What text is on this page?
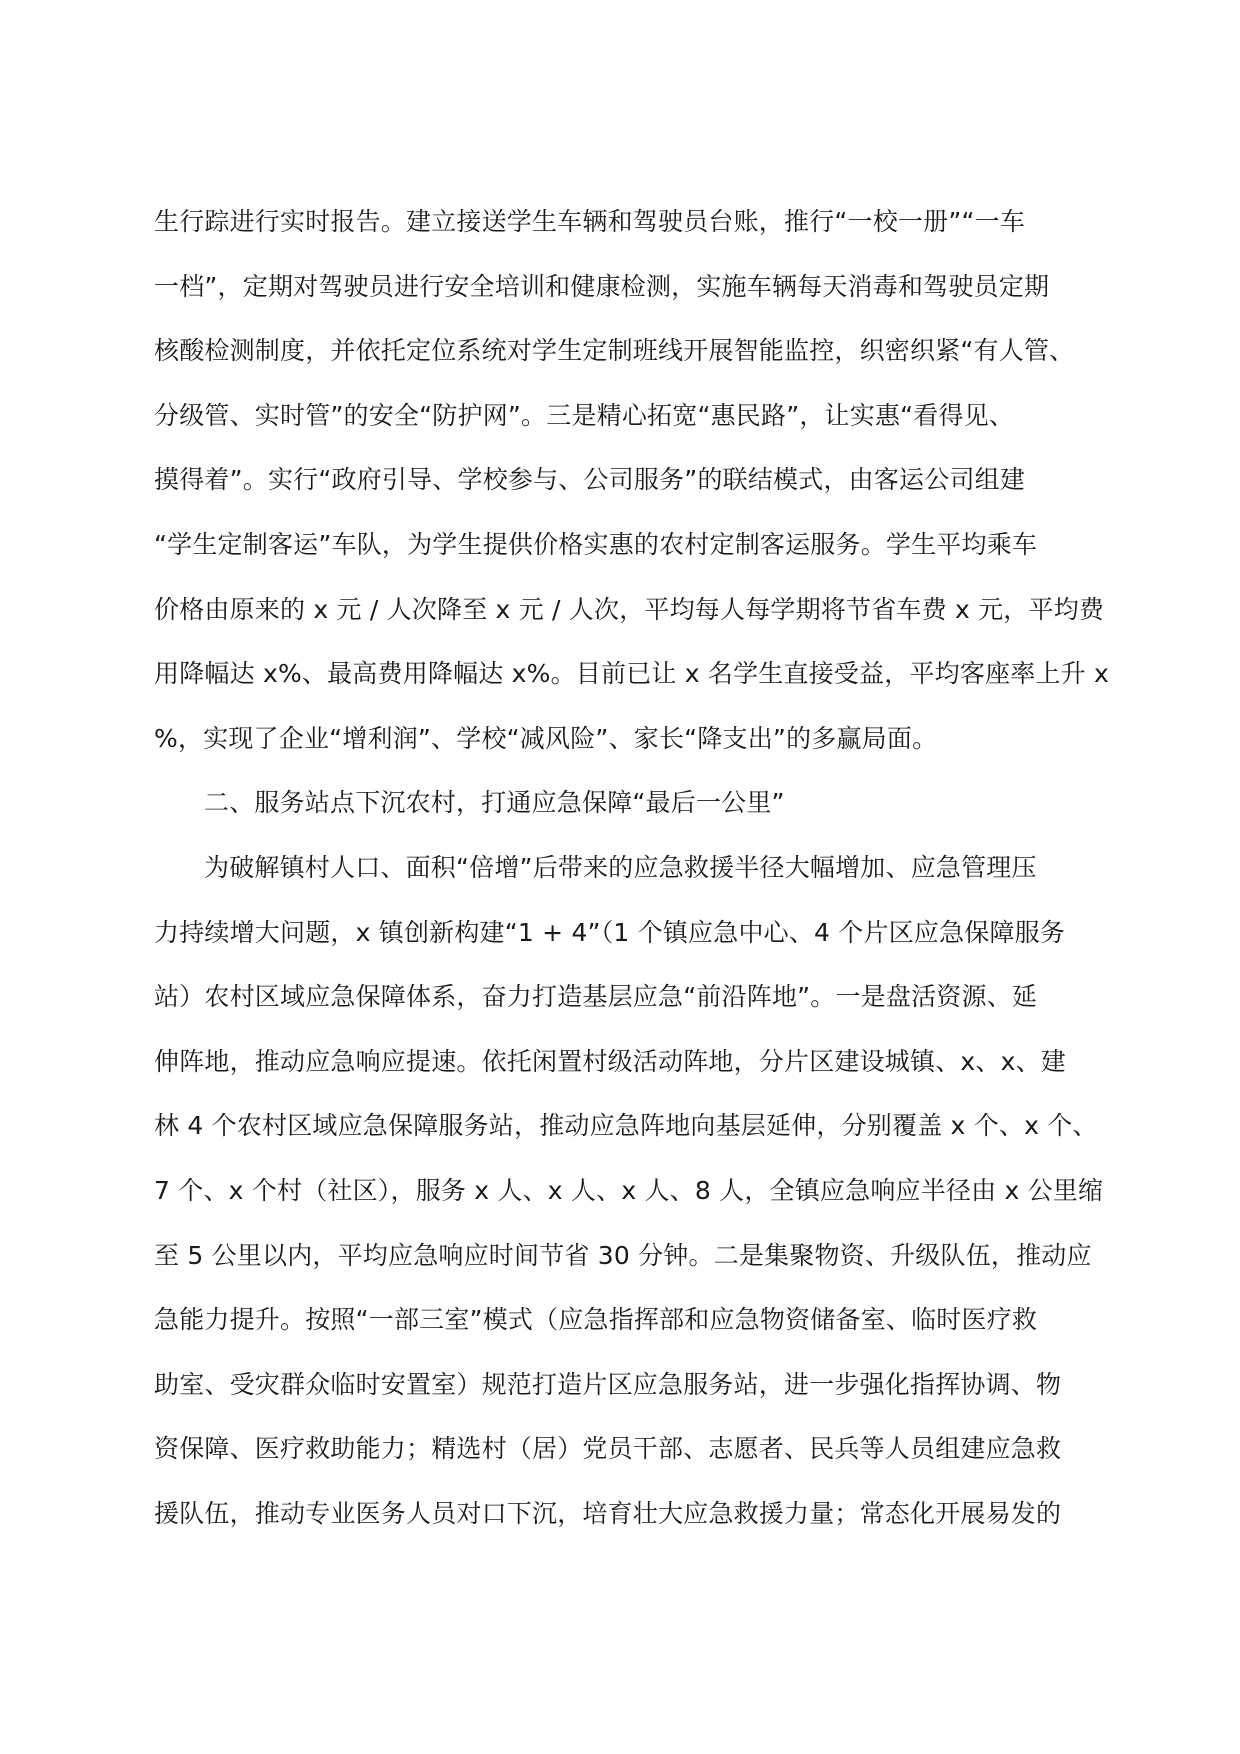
生行踪进行实时报告。建立接送学生车辆和驾驶员台账，推行“一校一册”“一车
一档”，定期对驾驶员进行安全培训和健康检测，实施车辆每天消毒和驾驶员定期
核酸检测制度，并依托定位系统对学生定制班线开展智能监控，织密织紧“有人管、
分级管、实时管”的安全“防护网”。三是精心拓宽“惠民路”，让实惠“看得见、
摸得着”。实行“政府引导、学校参与、公司服务”的联结模式，由客运公司组建
“学生定制客运”车队，为学生提供价格实惠的农村定制客运服务。学生平均乘车
价格由原来的 x 元 / 人次降至 x 元 / 人次，平均每人每学期将节省车费 x 元，平均费
用降幅达 x%、最高费用降幅达 x%。目前已让 x 名学生直接受益，平均客座率上升 x
%，实现了企业“增利润”、学校“减风险”、家长“降支出”的多赢局面。
二、服务站点下沉农村，打通应急保障“最后一公里”
为破解镇村人口、面积“倍增”后带来的应急救援半径大幅增加、应急管理压
力持续增大问题，x 镇创新构建“1 + 4”（1 个镇应急中心、4 个片区应急保障服务
站）农村区域应急保障体系，奋力打造基层应急“前沿阵地”。一是盘活资源、延
伸阵地，推动应急响应提速。依托闲置村级活动阵地，分片区建设城镇、x、x、建
林 4 个农村区域应急保障服务站，推动应急阵地向基层延伸，分别覆盖 x 个、x 个、
7 个、x 个村（社区），服务 x 人、x 人、x 人、8 人，全镇应急响应半径由 x 公里缩
至 5 公里以内，平均应急响应时间节省 30 分钟。二是集聚物资、升级队伍，推动应
急能力提升。按照“一部三室”模式（应急指挥部和应急物资储备室、临时医疗救
助室、受灾群众临时安置室）规范打造片区应急服务站，进一步强化指挥协调、物
资保障、医疗救助能力；精选村（居）党员干部、志愿者、民兵等人员组建应急救
援队伍，推动专业医务人员对口下沉，培育壮大应急救援力量；常态化开展易发的
